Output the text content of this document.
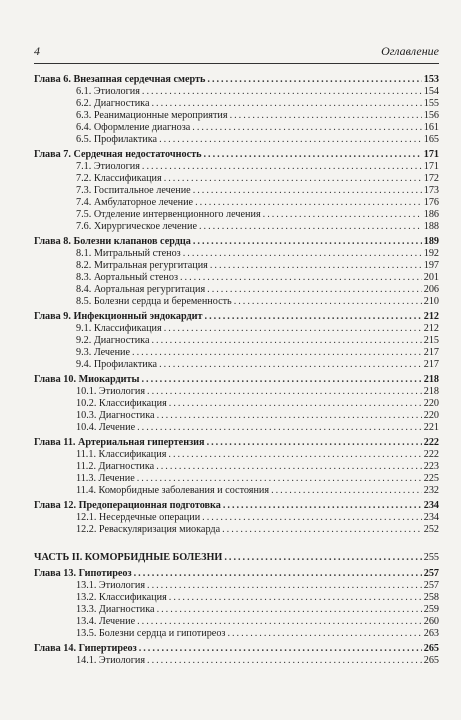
4	Оглавление
Глава 6. Внезапная сердечная смерть .....	153
6.1. Этиология .....	154
6.2. Диагностика .....	155
6.3. Реанимационные мероприятия .....	156
6.4. Оформление диагноза .....	161
6.5. Профилактика .....	165
Глава 7. Сердечная недостаточность .....	171
7.1. Этиология .....	171
7.2. Классификация .....	172
7.3. Госпитальное лечение .....	173
7.4. Амбулаторное лечение .....	176
7.5. Отделение интервенционного лечения .....	186
7.6. Хирургическое лечение .....	188
Глава 8. Болезни клапанов сердца .....	189
8.1. Митральный стеноз .....	192
8.2. Митральная регургитация .....	197
8.3. Аортальный стеноз .....	201
8.4. Аортальная регургитация .....	206
8.5. Болезни сердца и беременность .....	210
Глава 9. Инфекционный эндокардит .....	212
9.1. Классификация .....	212
9.2. Диагностика .....	215
9.3. Лечение .....	217
9.4. Профилактика .....	217
Глава 10. Миокардиты .....	218
10.1. Этиология .....	218
10.2. Классификация .....	220
10.3. Диагностика .....	220
10.4. Лечение .....	221
Глава 11. Артериальная гипертензия .....	222
11.1. Классификация .....	222
11.2. Диагностика .....	223
11.3. Лечение .....	225
11.4. Коморбидные заболевания и состояния .....	232
Глава 12. Предоперационная подготовка .....	234
12.1. Несердечные операции .....	234
12.2. Реваскуляризация миокарда .....	252
ЧАСТЬ II. КОМОРБИДНЫЕ БОЛЕЗНИ .....	255
Глава 13. Гипотиреоз .....	257
13.1. Этиология .....	257
13.2. Классификация .....	258
13.3. Диагностика .....	259
13.4. Лечение .....	260
13.5. Болезни сердца и гипотиреоз .....	263
Глава 14. Гипертиреоз .....	265
14.1. Этиология .....	265
